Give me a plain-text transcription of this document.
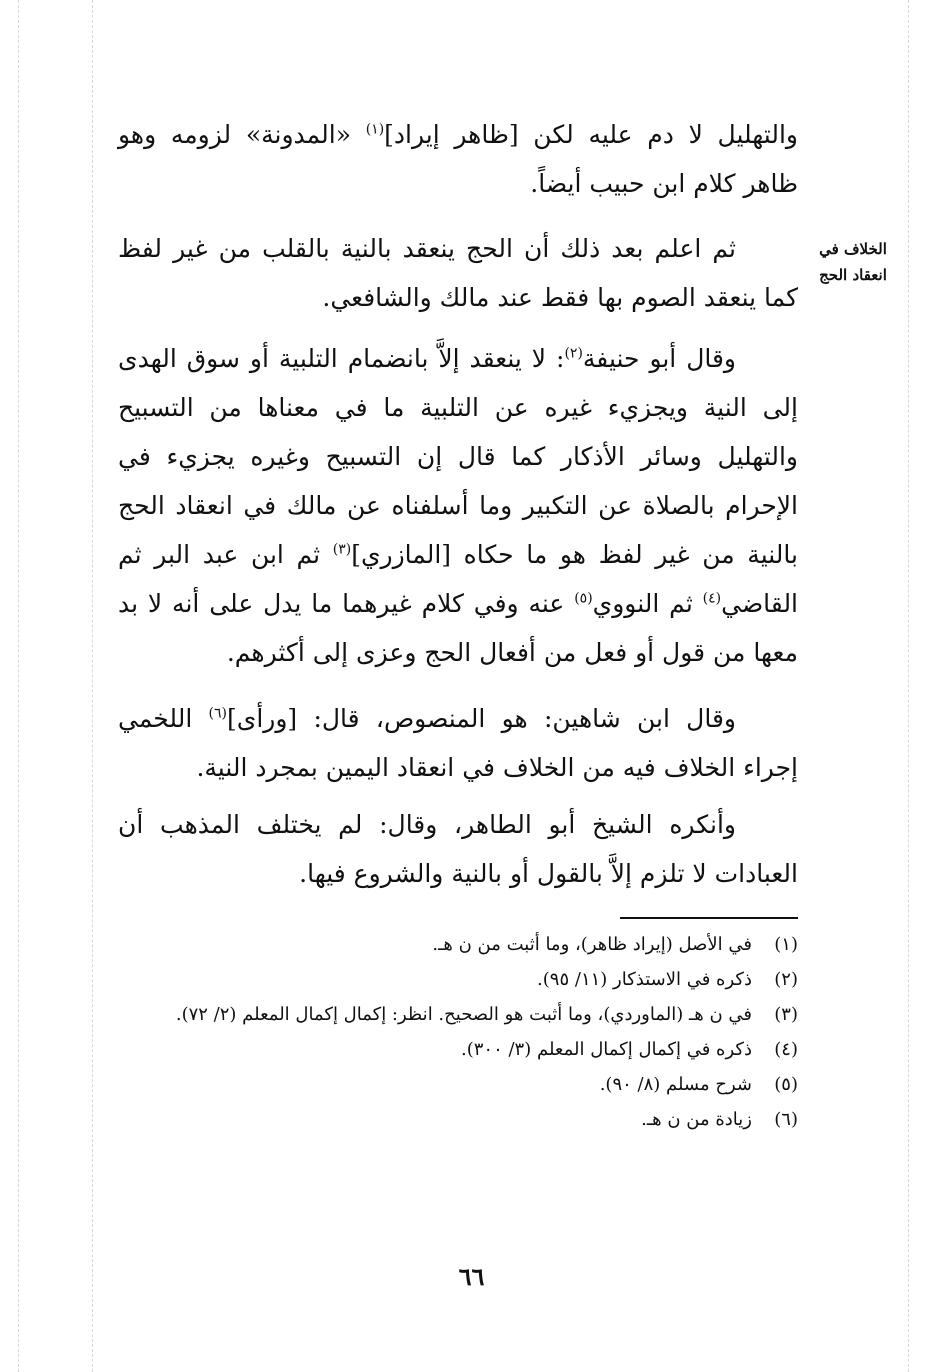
الخلاف في انعقاد الحج

والتهليل لا دم عليه لكن [ظاهر إيراد]$^{(١)}$ «المدونة» لزومه وهو ظاهر كلام ابن حبيب أيضاً.

ثم اعلم بعد ذلك أن الحج ينعقد بالنية بالقلب من غير لفظ كما ينعقد الصوم بها فقط عند مالك والشافعي.

وقال أبو حنيفة$^{(٢)}$: لا ينعقد إلاَّ بانضمام التلبية أو سوق الهدى إلى النية ويجزيء غيره عن التلبية ما في معناها من التسبيح والتهليل وسائر الأذكار كما قال إن التسبيح وغيره يجزيء في الإحرام بالصلاة عن التكبير وما أسلفناه عن مالك في انعقاد الحج بالنية من غير لفظ هو ما حكاه [المازري]$^{(٣)}$ ثم ابن عبد البر ثم القاضي$^{(٤)}$ ثم النووي$^{(٥)}$ عنه وفي كلام غيرهما ما يدل على أنه لا بد معها من قول أو فعل من أفعال الحج وعزى إلى أكثرهم.

وقال ابن شاهين: هو المنصوص، قال: [ورأى]$^{(٦)}$ اللخمي إجراء الخلاف فيه من الخلاف في انعقاد اليمين بمجرد النية.

وأنكره الشيخ أبو الطاهر، وقال: لم يختلف المذهب أن العبادات لا تلزم إلاَّ بالقول أو بالنية والشروع فيها.

(١)
في الأصل (إيراد ظاهر)، وما أثبت من ن هـ.
(٢)
ذكره في الاستذكار (١١/ ٩٥).
(٣)
في ن هـ (الماوردي)، وما أثبت هو الصحيح. انظر: إكمال إكمال المعلم (٢/ ٧٢).
(٤)
ذكره في إكمال إكمال المعلم (٣/ ٣٠٠).
(٥)
شرح مسلم (٨/ ٩٠).
(٦)
زيادة من ن هـ.
٦٦
